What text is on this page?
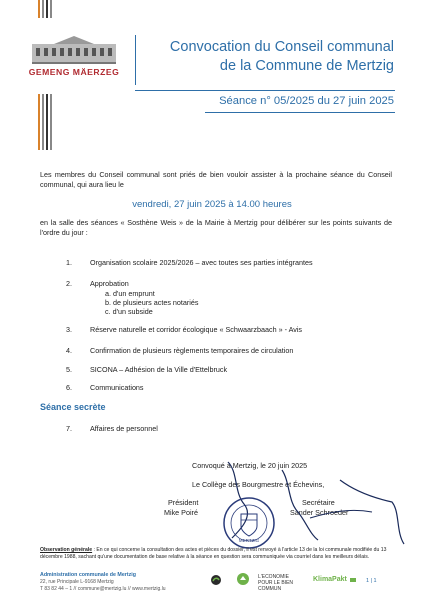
GEMENG MÄERZEG
Convocation du Conseil communal
de la Commune de Mertzig
Séance n° 05/2025 du 27 juin 2025
Les membres du Conseil communal sont priés de bien vouloir assister à la prochaine séance du Conseil communal, qui aura lieu le
vendredi, 27 juin 2025 à 14.00 heures
en la salle des séances « Sosthène Weis » de la Mairie à Mertzig pour délibérer sur les points suivants de l'ordre du jour :
1.	Organisation scolaire 2025/2026 – avec toutes ses parties intégrantes
2.	Approbation
a. d'un emprunt
b. de plusieurs actes notariés
c. d'un subside
3.	Réserve naturelle et corridor écologique « Schwaarzbaach » - Avis
4.	Confirmation de plusieurs règlements temporaires de circulation
5.	SICONA – Adhésion de la Ville d'Ettelbruck
6.	Communications
Séance secrète
7.	Affaires de personnel
Convoqué à Mertzig, le 20 juin 2025
Le Collège des Bourgmestre et Échevins,
Président
Mike Poiré
Secrétaire
Sander Schroeder
MERTZIG
Observation générale : En ce qui concerne la consultation des actes et pièces du dossier, il est renvoyé à l'article 13 de la loi communale modifiée du 13 décembre 1988, sachant qu'une documentation de base relative à la séance en question sera communiquée via courriel dans les meilleurs délais.
Administration communale de Mertzig
22, rue Principale L-9168 Mertzig
T 83 82 44 – 1 // commune@mertzig.lu // www.mertzig.lu
L'ECONOMIE POUR LE BIEN COMMUN
KlimaPakt	1 | 1
